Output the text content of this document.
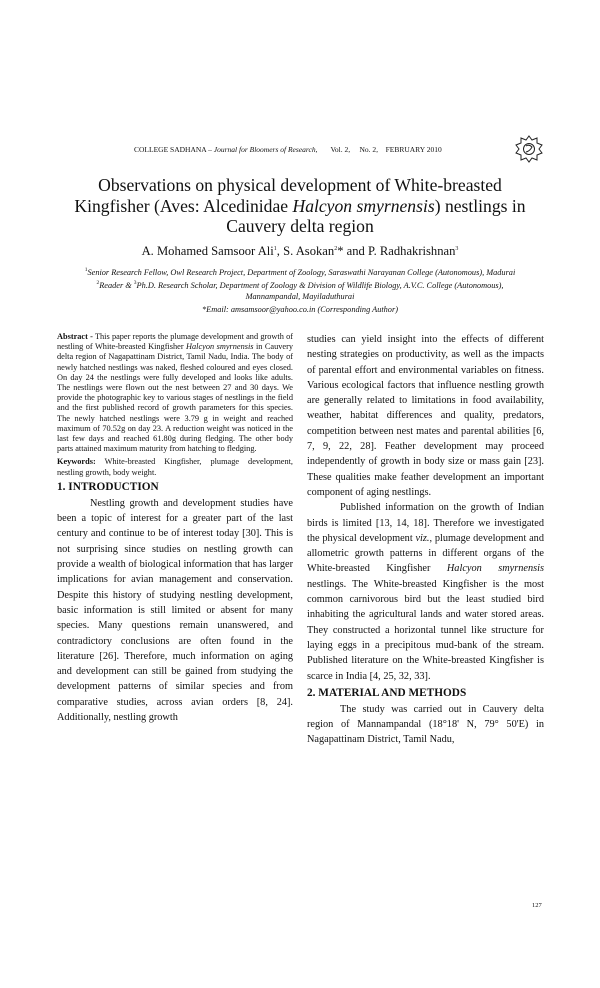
COLLEGE SADHANA – Journal for Bloomers of Research, Vol. 2, No. 2, FEBRUARY 2010
Observations on physical development of White-breasted Kingfisher (Aves: Alcedinidae Halcyon smyrnensis) nestlings in Cauvery delta region
A. Mohamed Samsoor Ali$^1$, S. Asokan$^2$* and P. Radhakrishnan$^3$
$^1$Senior Research Fellow, Owl Research Project, Department of Zoology, Saraswathi Narayanan College (Autonomous), Madurai
$^2$Reader & $^3$Ph.D. Research Scholar, Department of Zoology & Division of Wildlife Biology, A.V.C. College (Autonomous), Mannampandal, Mayiladuthurai
*Email: amsamsoor@yahoo.co.in (Corresponding Author)

Abstract - This paper reports the plumage development and growth of nestling of White-breasted Kingfisher Halcyon smyrnensis in Cauvery delta region of Nagapattinam District, Tamil Nadu, India. The body of newly hatched nestlings was naked, fleshed coloured and eyes closed. On day 24 the nestlings were fully developed and looks like adults. The nestlings were flown out the nest between 27 and 30 days. We provide the photographic key to various stages of nestlings in the field and the first published record of growth parameters for this species. The newly hatched nestlings were 3.79 g in weight and reached maximum of 70.52g on day 23. A reduction weight was noticed in the last few days and reached 61.80g during fledging. The other body parts attained maximum maturity from hatching to fledging.

Keywords: White-breasted Kingfisher, plumage development, nestling growth, body weight.

1. INTRODUCTION

Nestling growth and development studies have been a topic of interest for a greater part of the last century and continue to be of interest today [30]. This is not surprising since studies on nestling growth can provide a wealth of biological information that has larger implications for avian management and conservation. Despite this history of studying nestling development, basic information is still limited or absent for many species. Many questions remain unanswered, and contradictory conclusions are often found in the literature [26]. Therefore, much information on aging and development can still be gained from studying the development patterns of similar species and from comparative studies, across avian orders [8, 24]. Additionally, nestling growth

studies can yield insight into the effects of different nesting strategies on productivity, as well as the impacts of parental effort and environmental variables on fitness. Various ecological factors that influence nestling growth are generally related to limitations in food availability, weather, habitat differences and quality, predators, competition between nest mates and parental abilities [6, 7, 9, 22, 28]. Feather development may proceed independently of growth in body size or mass gain [23]. These qualities make feather development an important component of aging nestlings.

Published information on the growth of Indian birds is limited [13, 14, 18]. Therefore we investigated the physical development viz., plumage development and allometric growth patterns in different organs of the White-breasted Kingfisher Halcyon smyrnensis nestlings. The White-breasted Kingfisher is the most common carnivorous bird but the least studied bird inhabiting the agricultural lands and water stored areas. They constructed a horizontal tunnel like structure for laying eggs in a precipitous mud-bank of the stream. Published literature on the White-breasted Kingfisher is scarce in India [4, 25, 32, 33].

2. MATERIAL AND METHODS

The study was carried out in Cauvery delta region of Mannampandal (18°18' N, 79° 50'E) in Nagapattinam District, Tamil Nadu,

127
